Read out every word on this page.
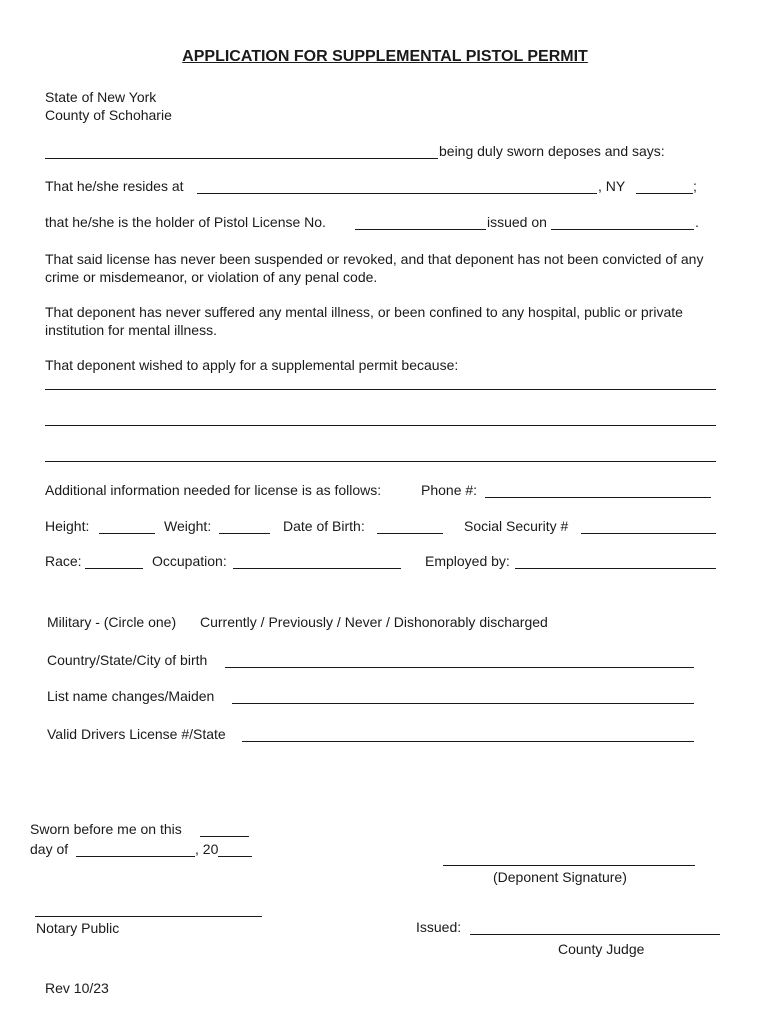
APPLICATION FOR SUPPLEMENTAL PISTOL PERMIT
State of New York
County of Schoharie
being duly sworn deposes and says:
That he/she resides at	, NY	;
that he/she is the holder of Pistol License No.	issued on	.
That said license has never been suspended or revoked, and that deponent has not been convicted of any crime or misdemeanor, or violation of any penal code.
That deponent has never suffered any mental illness, or been confined to any hospital, public or private institution for mental illness.
That deponent wished to apply for a supplemental permit because:
Additional information needed for license is as follows:	Phone #:
Height:	Weight:	Date of Birth:	Social Security #
Race:	Occupation:	Employed by:
Military - (Circle one) Currently / Previously / Never / Dishonorably discharged
Country/State/City of birth
List name changes/Maiden
Valid Drivers License #/State
Sworn before me on this
day of	, 20
(Deponent Signature)
Notary Public	Issued:
County Judge
Rev 10/23
